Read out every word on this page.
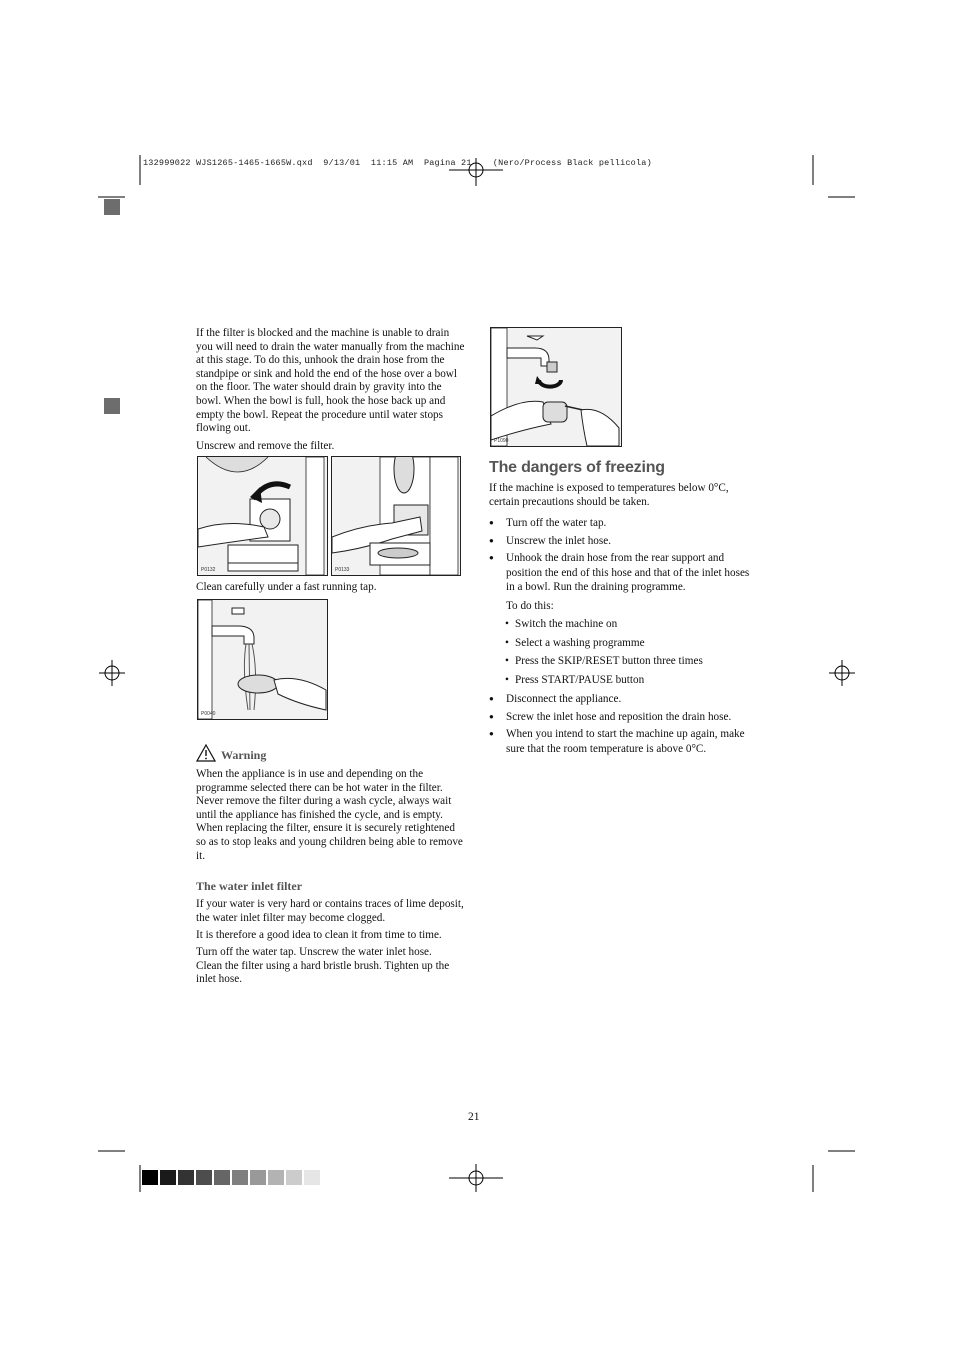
132999022 WJS1265-1465-1665W.qxd  9/13/01  11:15 AM  Pagina 21    (Nero/Process Black pellicola)

If the filter is blocked and the machine is unable to drain you will need to drain the water manually from the machine at this stage. To do this, unhook the drain hose from the standpipe or sink and hold the end of the hose over a bowl on the floor. The water should drain by gravity into the bowl. When the bowl is full, hook the hose back up and empty the bowl. Repeat the procedure until water stops flowing out.

Unscrew and remove the filter.

P0132	P0133

Clean carefully under a fast running tap.

P0040
Warning

When the appliance is in use and depending on the programme selected there can be hot water in the filter. Never remove the filter during a wash cycle, always wait until the appliance has finished the cycle, and is empty. When replacing the filter, ensure it is securely retightened so as to stop leaks and young children being able to remove it.

The water inlet filter

If your water is very hard or contains traces of lime deposit, the water inlet filter may become clogged.

It is therefore a good idea to clean it from time to time.

Turn off the water tap. Unscrew the water inlet hose. Clean the filter using a hard bristle brush. Tighten up the inlet hose.

P1090
The dangers of freezing

If the machine is exposed to temperatures below 0°C, certain precautions should be taken.

● Turn off the water tap.
● Unscrew the inlet hose.
● Unhook the drain hose from the rear support and position the end of this hose and that of the inlet hoses in a bowl. Run the draining programme.

To do this:

• Switch the machine on
• Select a washing programme
• Press the SKIP/RESET button three times
• Press START/PAUSE button
● Disconnect the appliance.
● Screw the inlet hose and reposition the drain hose.
● When you intend to start the machine up again, make sure that the room temperature is above 0°C.
21
